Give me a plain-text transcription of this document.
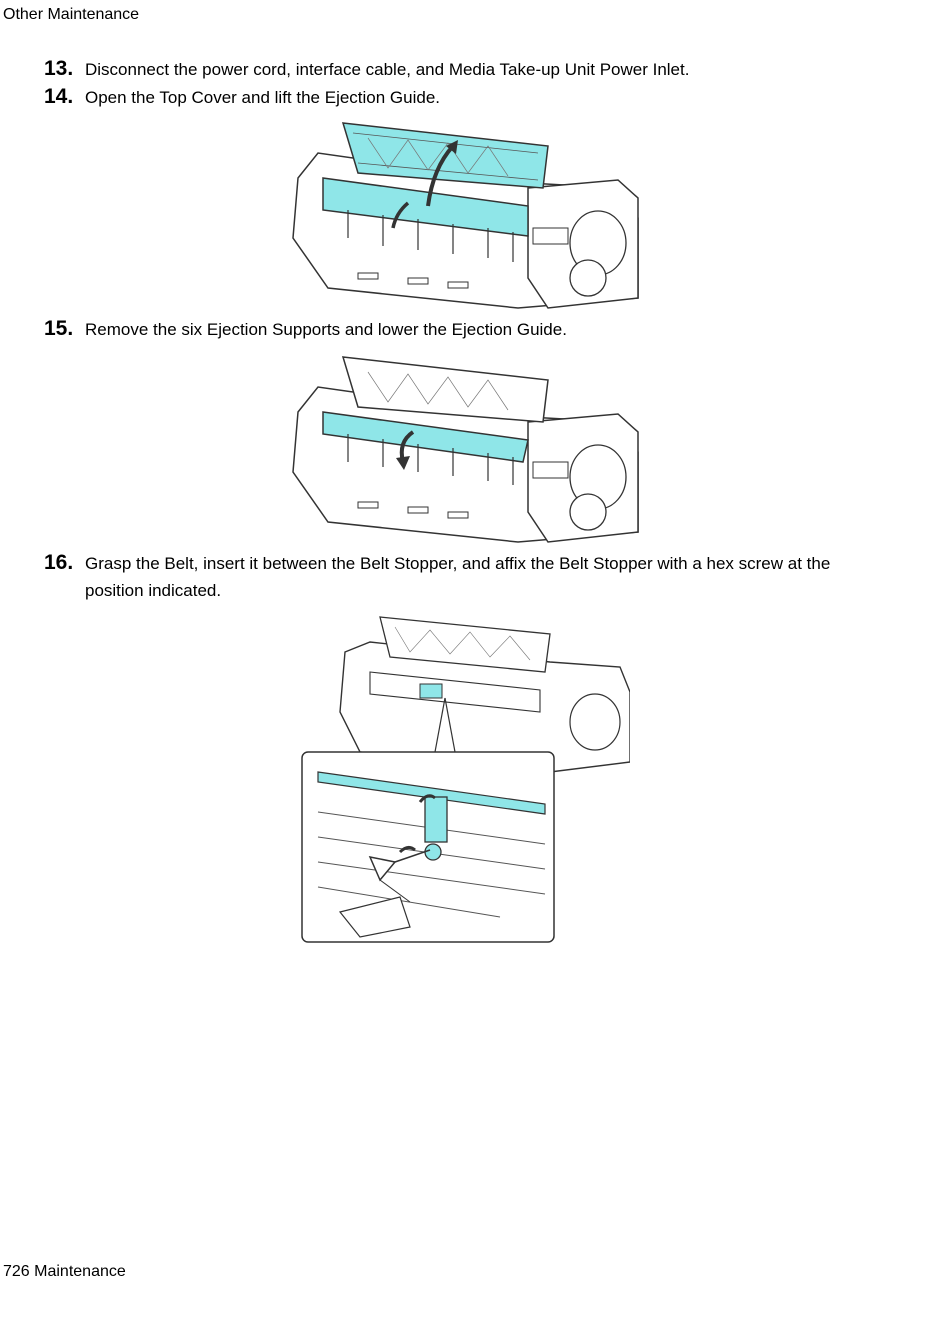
Other Maintenance
13. Disconnect the power cord, interface cable, and Media Take-up Unit Power Inlet.
14. Open the Top Cover and lift the Ejection Guide.
15. Remove the six Ejection Supports and lower the Ejection Guide.
16. Grasp the Belt, insert it between the Belt Stopper, and affix the Belt Stopper with a hex screw at the position indicated.
726 Maintenance
